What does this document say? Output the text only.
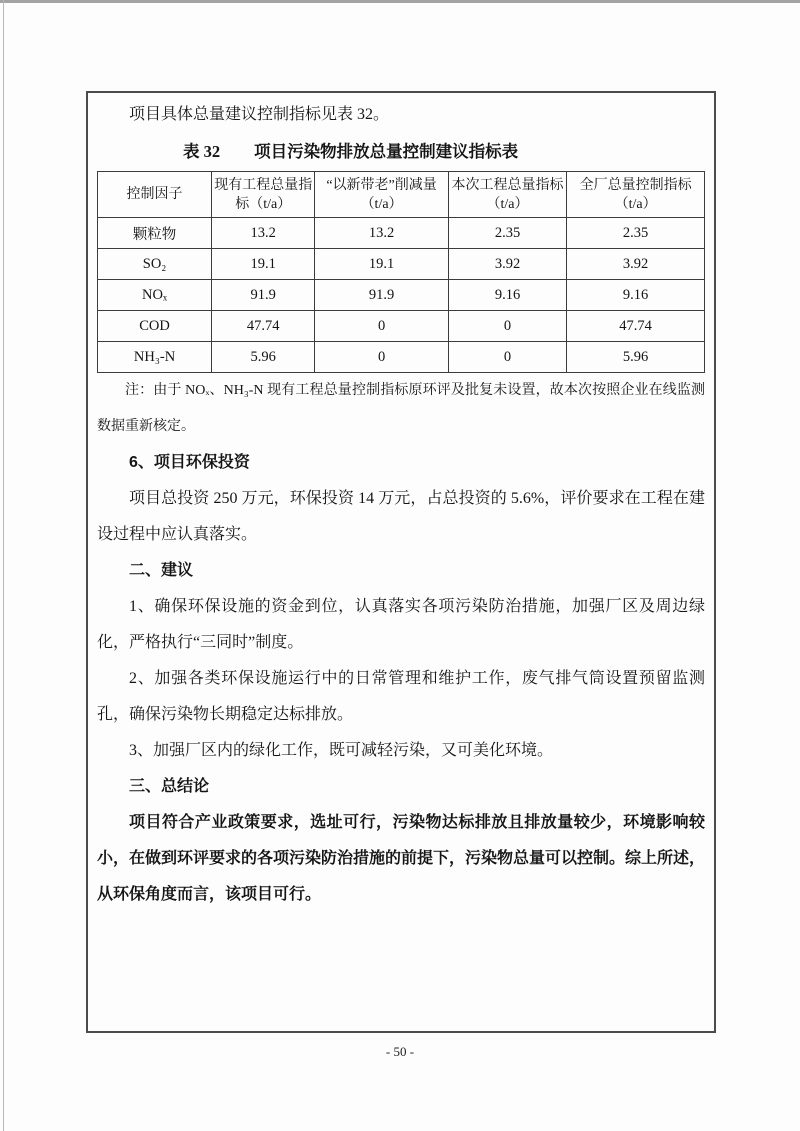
项目具体总量建议控制指标见表 32。

表 32 项目污染物排放总量控制建议指标表
控制因子	现有工程总量指标（t/a）	“以新带老”削减量（t/a）	本次工程总量指标（t/a）	全厂总量控制指标（t/a）
颗粒物	13.2	13.2	2.35	2.35
SO₂	19.1	19.1	3.92	3.92
NOₓ	91.9	91.9	9.16	9.16
COD	47.74	0	0	47.74
NH₃-N	5.96	0	0	5.96

注：由于 NOₓ、NH₃-N 现有工程总量控制指标原环评及批复未设置，故本次按照企业在线监测数据重新核定。

6、项目环保投资

项目总投资 250 万元，环保投资 14 万元，占总投资的 5.6%，评价要求在工程在建设过程中应认真落实。

二、建议

1、确保环保设施的资金到位，认真落实各项污染防治措施，加强厂区及周边绿化，严格执行“三同时”制度。

2、加强各类环保设施运行中的日常管理和维护工作，废气排气筒设置预留监测孔，确保污染物长期稳定达标排放。

3、加强厂区内的绿化工作，既可减轻污染，又可美化环境。

三、总结论

项目符合产业政策要求，选址可行，污染物达标排放且排放量较少，环境影响较小，在做到环评要求的各项污染防治措施的前提下，污染物总量可以控制。综上所述，从环保角度而言，该项目可行。

- 50 -
